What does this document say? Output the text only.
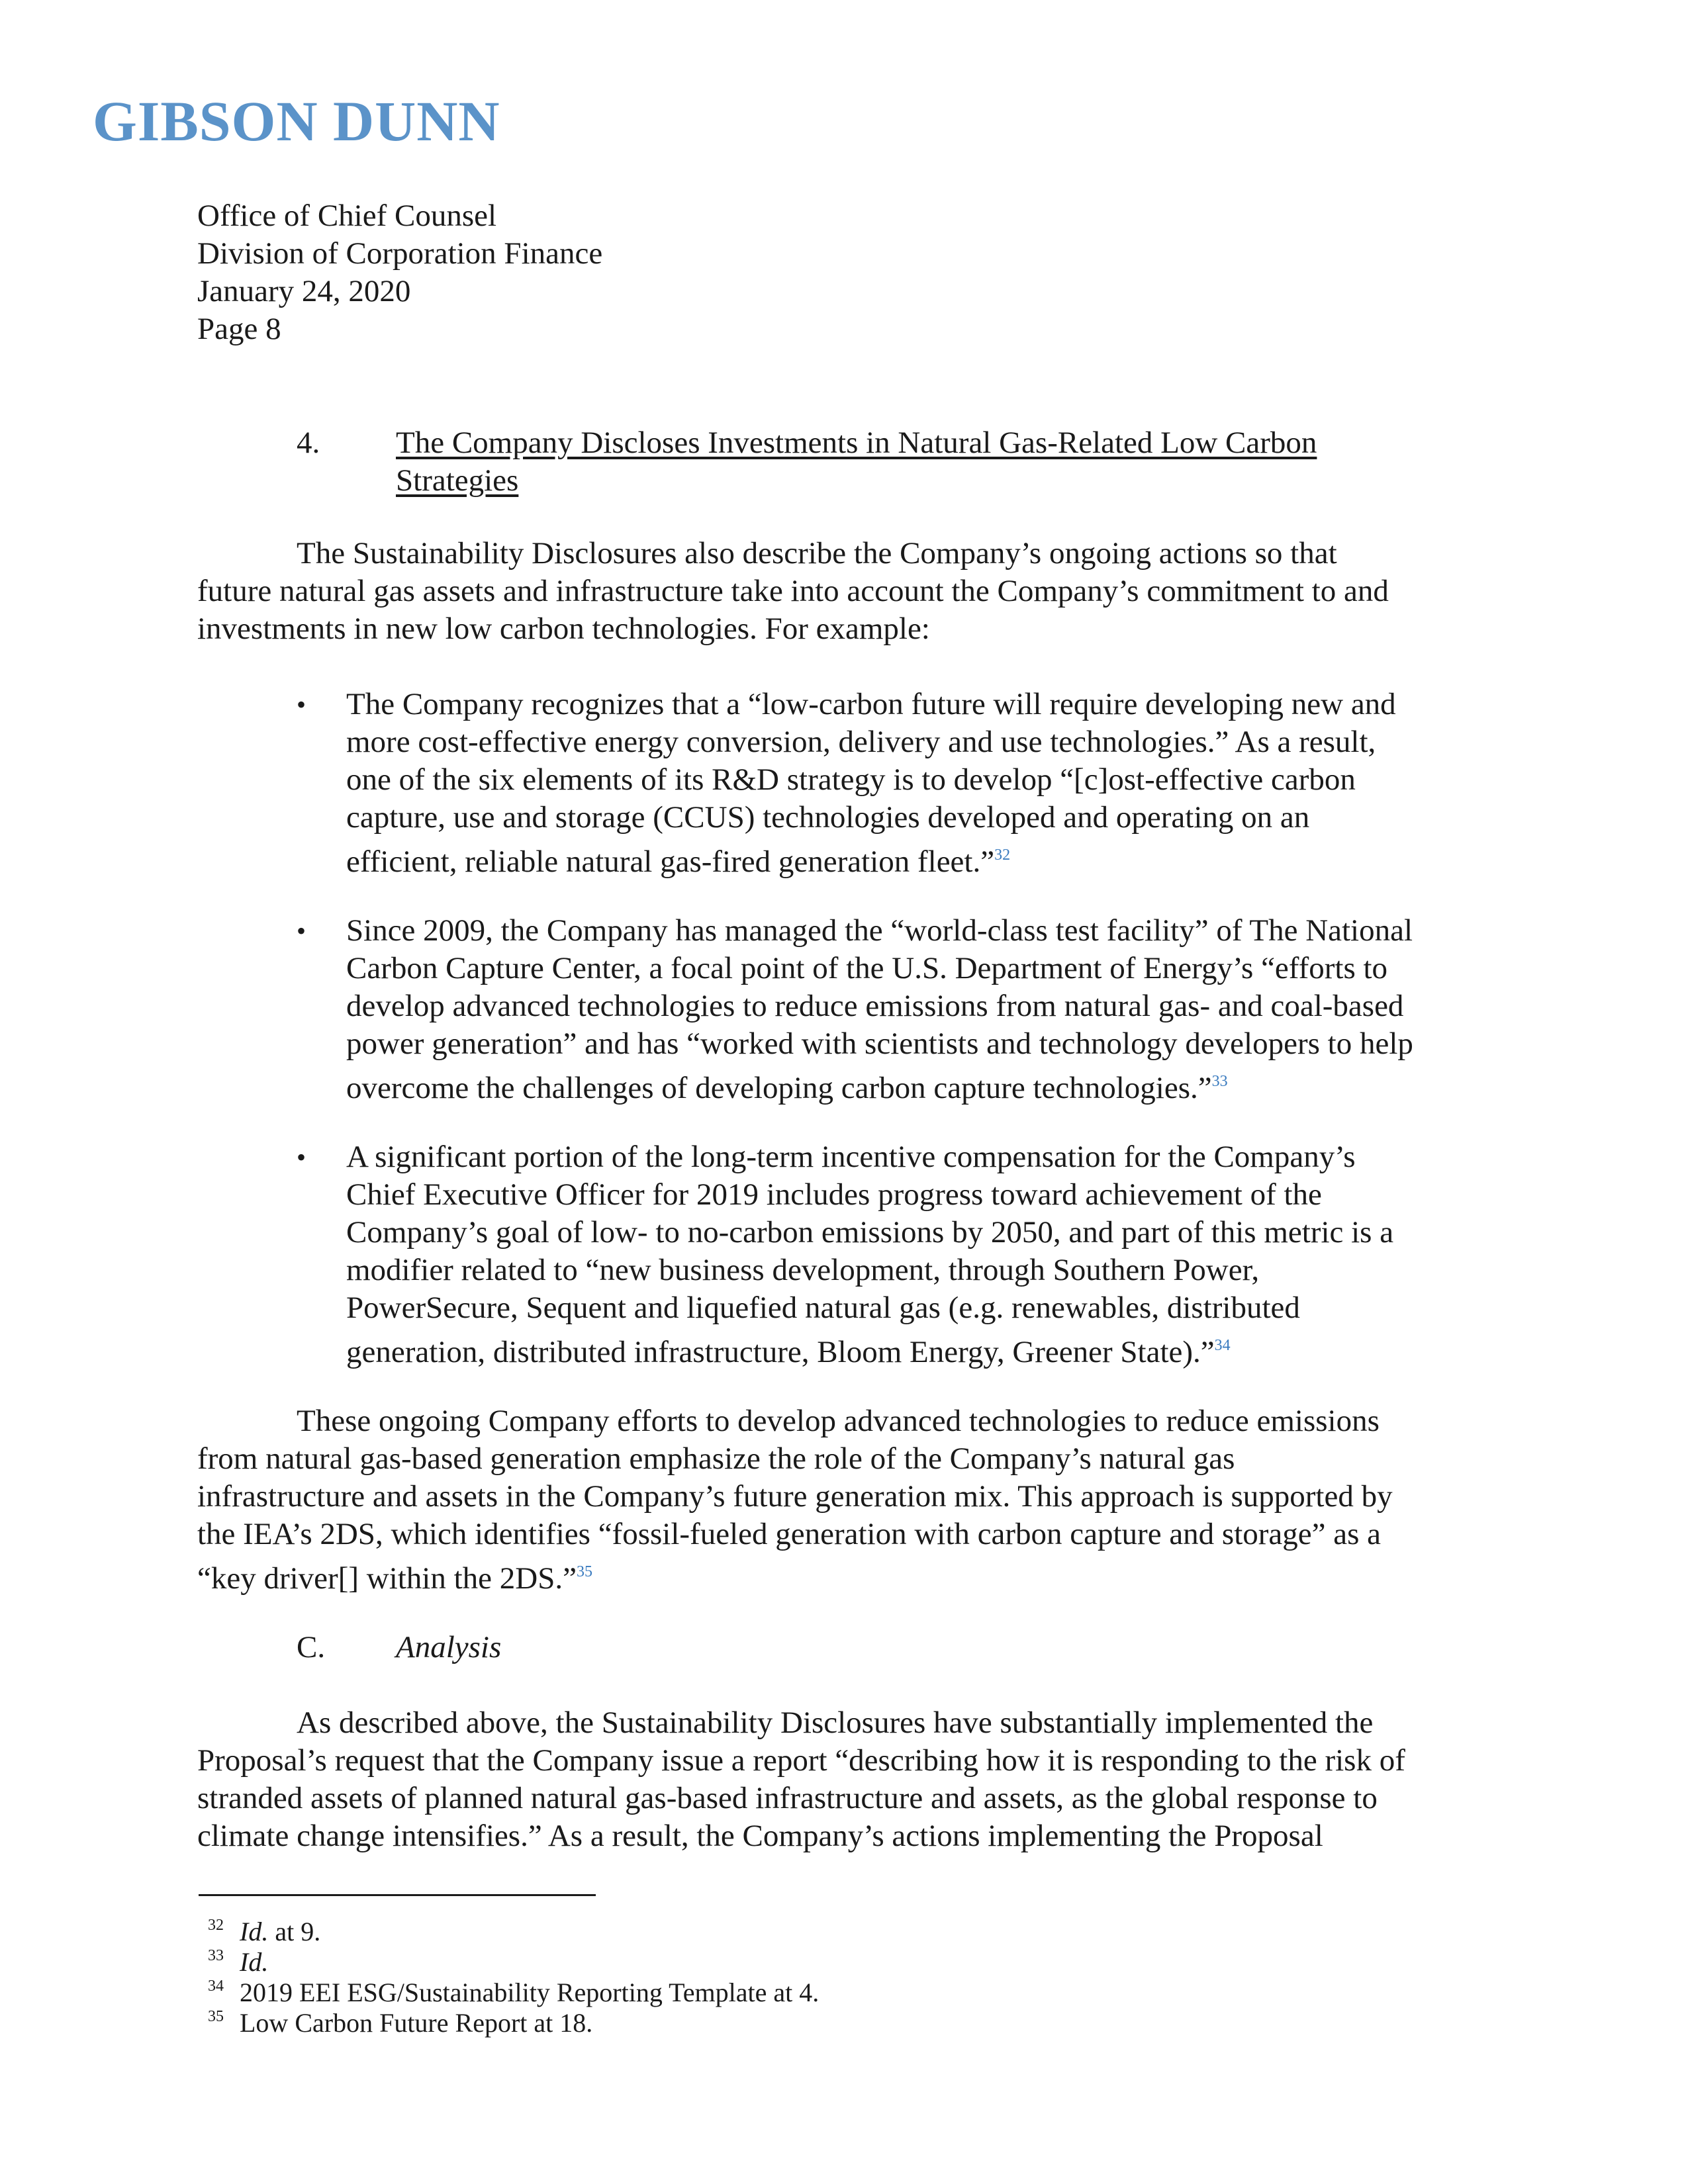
GIBSON DUNN
Office of Chief Counsel
Division of Corporation Finance
January 24, 2020
Page 8
4. The Company Discloses Investments in Natural Gas-Related Low Carbon
Strategies
The Sustainability Disclosures also describe the Company’s ongoing actions so that
future natural gas assets and infrastructure take into account the Company’s commitment to and
investments in new low carbon technologies. For example:
• The Company recognizes that a “low-carbon future will require developing new and
more cost-effective energy conversion, delivery and use technologies.” As a result,
one of the six elements of its R&D strategy is to develop “[c]ost-effective carbon
capture, use and storage (CCUS) technologies developed and operating on an
efficient, reliable natural gas-fired generation fleet.”$^{32}$
• Since 2009, the Company has managed the “world-class test facility” of The National
Carbon Capture Center, a focal point of the U.S. Department of Energy’s “efforts to
develop advanced technologies to reduce emissions from natural gas- and coal-based
power generation” and has “worked with scientists and technology developers to help
overcome the challenges of developing carbon capture technologies.”$^{33}$
• A significant portion of the long-term incentive compensation for the Company’s
Chief Executive Officer for 2019 includes progress toward achievement of the
Company’s goal of low- to no-carbon emissions by 2050, and part of this metric is a
modifier related to “new business development, through Southern Power,
PowerSecure, Sequent and liquefied natural gas (e.g. renewables, distributed
generation, distributed infrastructure, Bloom Energy, Greener State).”$^{34}$
These ongoing Company efforts to develop advanced technologies to reduce emissions
from natural gas-based generation emphasize the role of the Company’s natural gas
infrastructure and assets in the Company’s future generation mix. This approach is supported by
the IEA’s 2DS, which identifies “fossil-fueled generation with carbon capture and storage” as a
“key driver[] within the 2DS.”$^{35}$
C. Analysis
As described above, the Sustainability Disclosures have substantially implemented the
Proposal’s request that the Company issue a report “describing how it is responding to the risk of
stranded assets of planned natural gas-based infrastructure and assets, as the global response to
climate change intensifies.” As a result, the Company’s actions implementing the Proposal
32 Id. at 9.
33 Id.
34 2019 EEI ESG/Sustainability Reporting Template at 4.
35 Low Carbon Future Report at 18.
